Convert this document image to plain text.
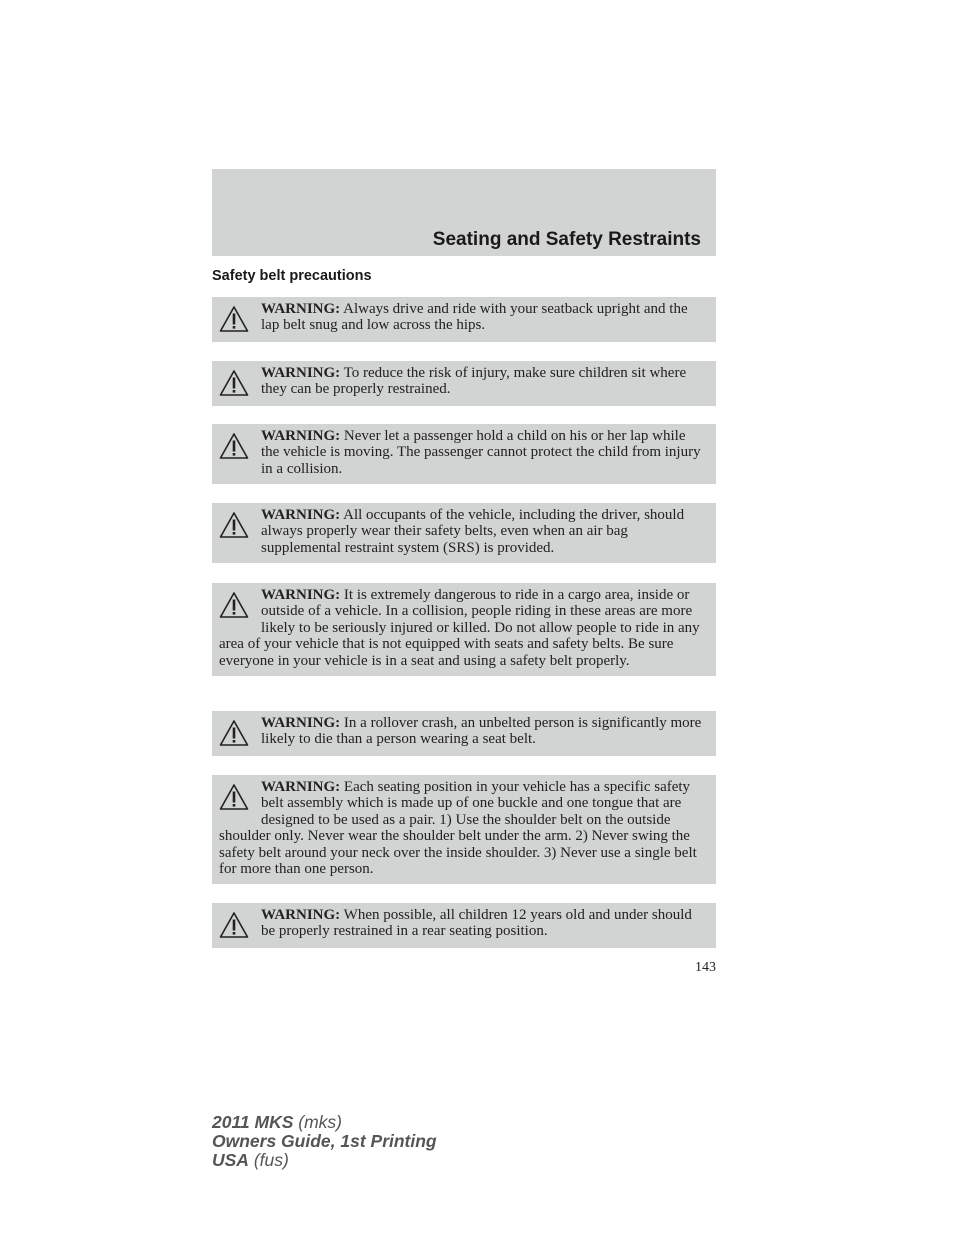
Seating and Safety Restraints
Safety belt precautions
WARNING: Always drive and ride with your seatback upright and the lap belt snug and low across the hips.
WARNING: To reduce the risk of injury, make sure children sit where they can be properly restrained.
WARNING: Never let a passenger hold a child on his or her lap while the vehicle is moving. The passenger cannot protect the child from injury in a collision.
WARNING: All occupants of the vehicle, including the driver, should always properly wear their safety belts, even when an air bag supplemental restraint system (SRS) is provided.
WARNING: It is extremely dangerous to ride in a cargo area, inside or outside of a vehicle. In a collision, people riding in these areas are more likely to be seriously injured or killed. Do not allow people to ride in any area of your vehicle that is not equipped with seats and safety belts. Be sure everyone in your vehicle is in a seat and using a safety belt properly.
WARNING: In a rollover crash, an unbelted person is significantly more likely to die than a person wearing a seat belt.
WARNING: Each seating position in your vehicle has a specific safety belt assembly which is made up of one buckle and one tongue that are designed to be used as a pair. 1) Use the shoulder belt on the outside shoulder only. Never wear the shoulder belt under the arm. 2) Never swing the safety belt around your neck over the inside shoulder. 3) Never use a single belt for more than one person.
WARNING: When possible, all children 12 years old and under should be properly restrained in a rear seating position.
143
2011 MKS (mks)
Owners Guide, 1st Printing
USA (fus)
